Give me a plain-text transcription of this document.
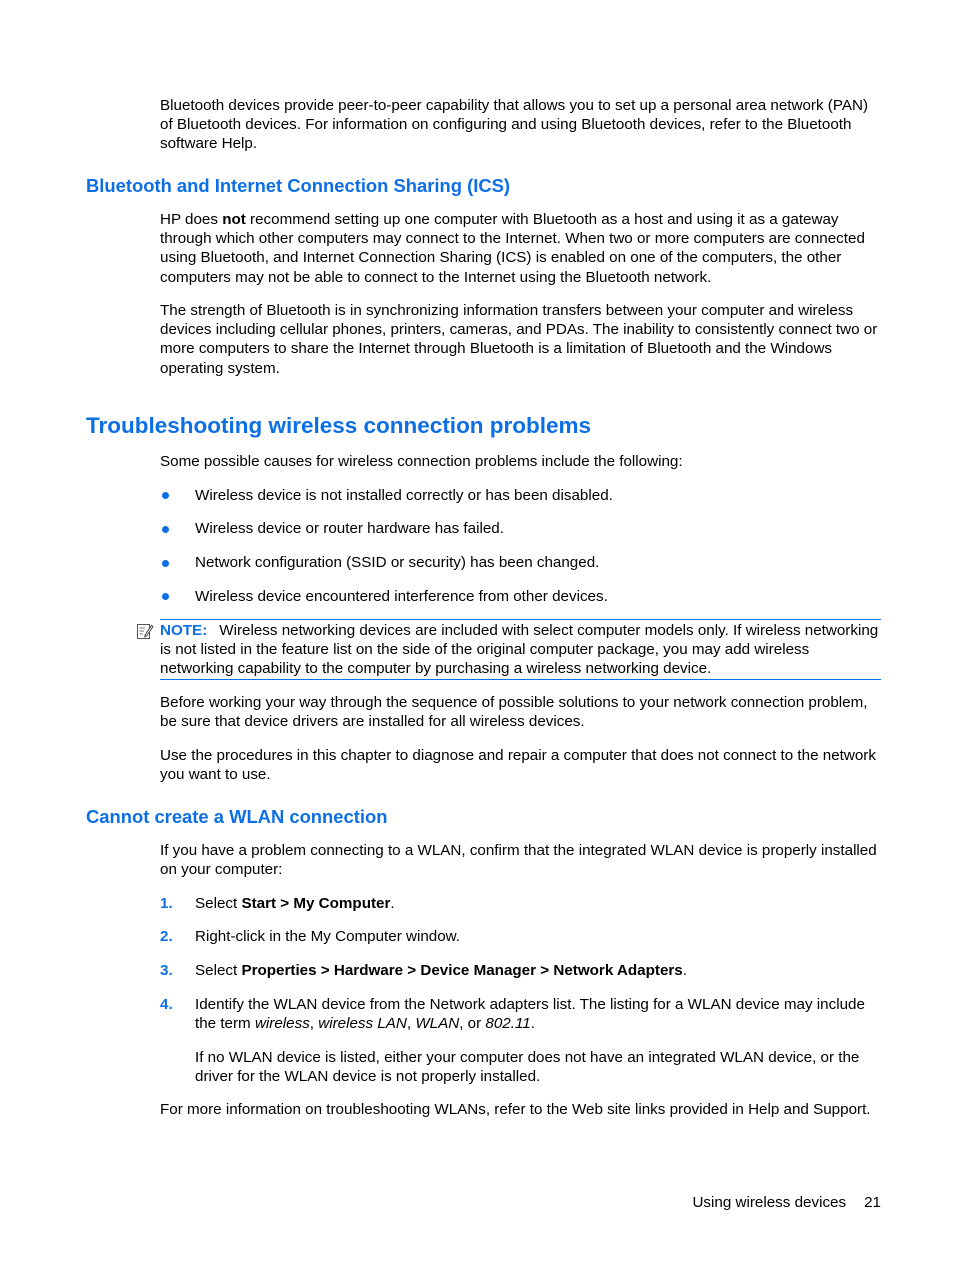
Bluetooth devices provide peer-to-peer capability that allows you to set up a personal area network (PAN) of Bluetooth devices. For information on configuring and using Bluetooth devices, refer to the Bluetooth software Help.

Bluetooth and Internet Connection Sharing (ICS)

HP does not recommend setting up one computer with Bluetooth as a host and using it as a gateway through which other computers may connect to the Internet. When two or more computers are connected using Bluetooth, and Internet Connection Sharing (ICS) is enabled on one of the computers, the other computers may not be able to connect to the Internet using the Bluetooth network.

The strength of Bluetooth is in synchronizing information transfers between your computer and wireless devices including cellular phones, printers, cameras, and PDAs. The inability to consistently connect two or more computers to share the Internet through Bluetooth is a limitation of Bluetooth and the Windows operating system.

Troubleshooting wireless connection problems

Some possible causes for wireless connection problems include the following:

Wireless device is not installed correctly or has been disabled.

Wireless device or router hardware has failed.

Network configuration (SSID or security) has been changed.

Wireless device encountered interference from other devices.

NOTE: Wireless networking devices are included with select computer models only. If wireless networking is not listed in the feature list on the side of the original computer package, you may add wireless networking capability to the computer by purchasing a wireless networking device.

Before working your way through the sequence of possible solutions to your network connection problem, be sure that device drivers are installed for all wireless devices.

Use the procedures in this chapter to diagnose and repair a computer that does not connect to the network you want to use.

Cannot create a WLAN connection

If you have a problem connecting to a WLAN, confirm that the integrated WLAN device is properly installed on your computer:

1. Select Start > My Computer.

2. Right-click in the My Computer window.

3. Select Properties > Hardware > Device Manager > Network Adapters.

4. Identify the WLAN device from the Network adapters list. The listing for a WLAN device may include the term wireless, wireless LAN, WLAN, or 802.11.

If no WLAN device is listed, either your computer does not have an integrated WLAN device, or the driver for the WLAN device is not properly installed.

For more information on troubleshooting WLANs, refer to the Web site links provided in Help and Support.

Using wireless devices 21
